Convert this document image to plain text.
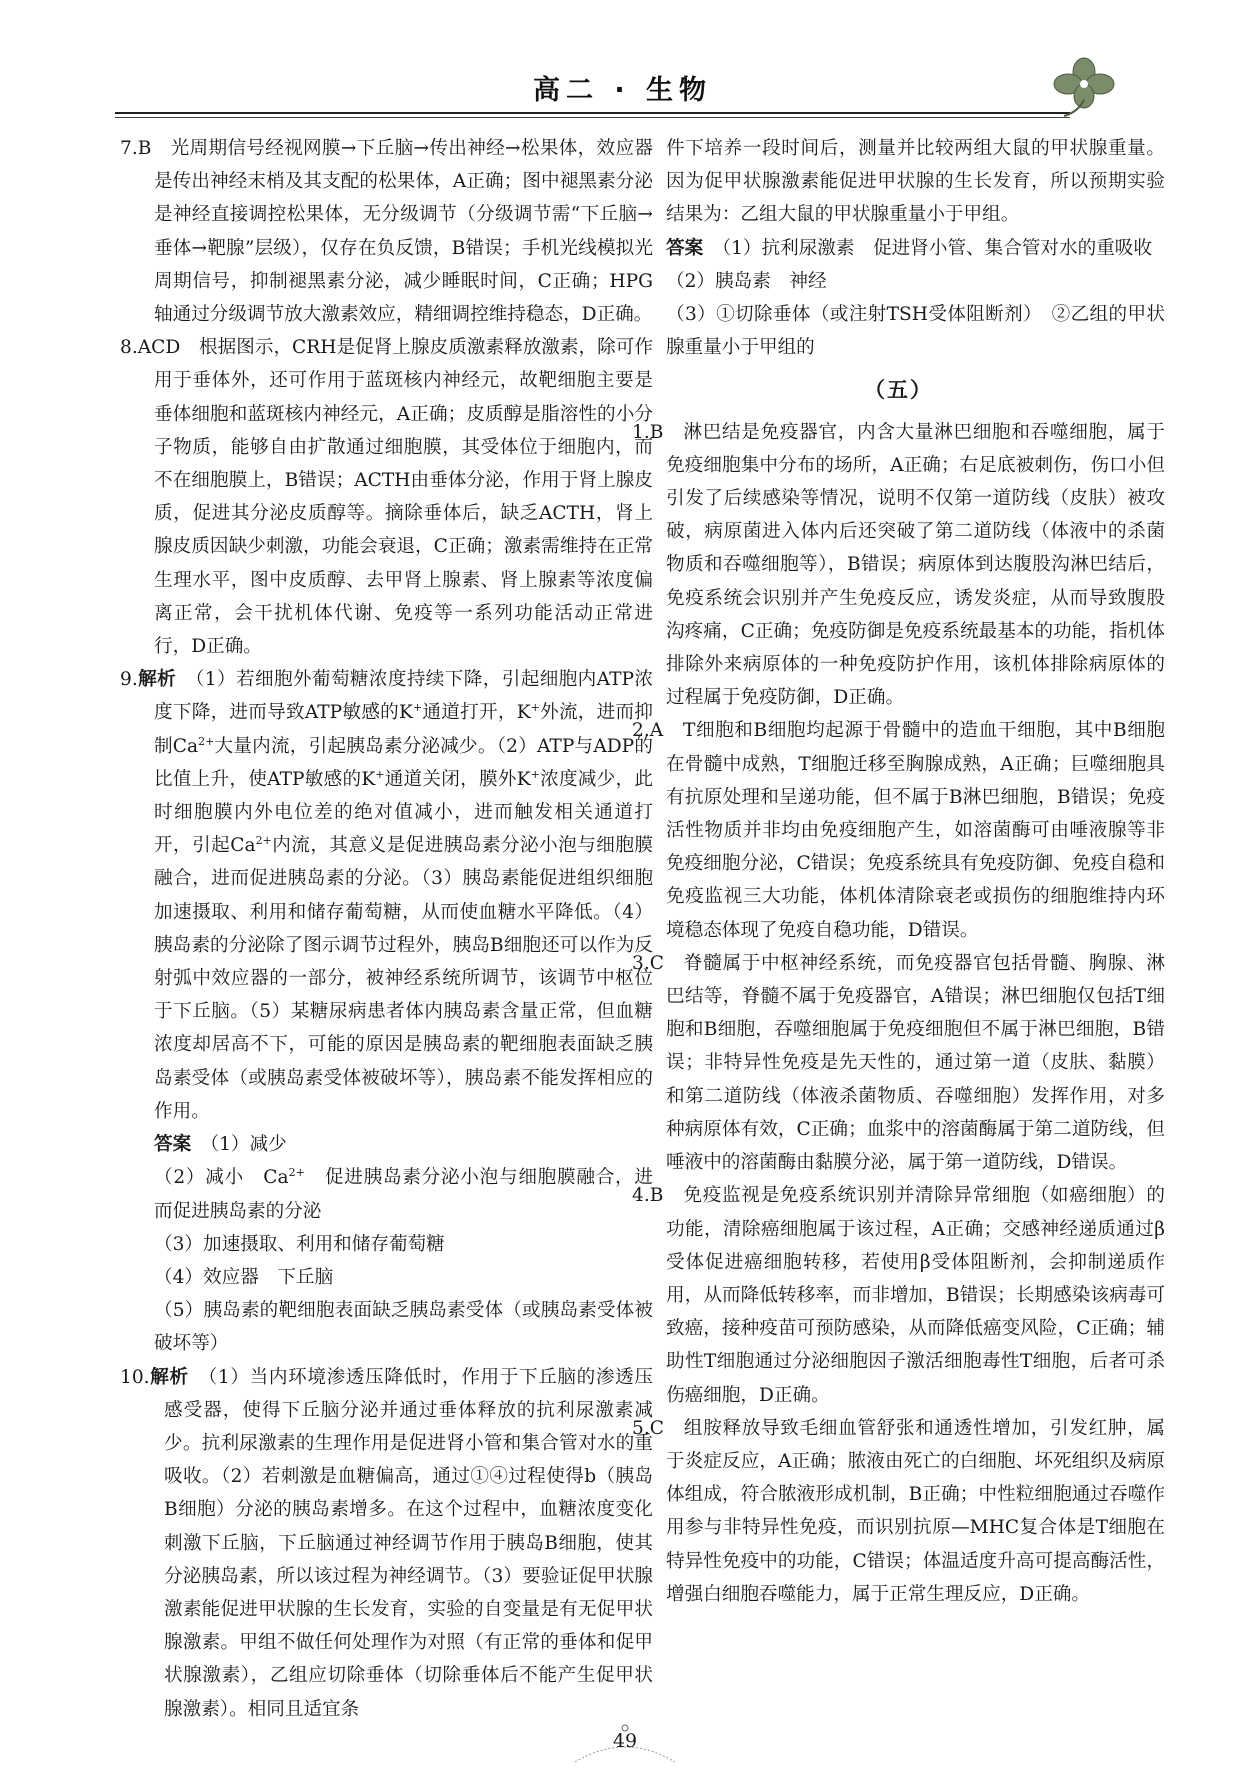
高二 · 生物

7.B　 光周期信号经视网膜→下丘脑→传出神经→松果体，效应器是传出神经末梢及其支配的松果体，A正确；图中褪黑素分泌是神经直接调控松果体，无分级调节（分级调节需“下丘脑→垂体→靶腺”层级），仅存在负反馈，B错误；手机光线模拟光周期信号，抑制褪黑素分泌，减少睡眠时间，C正确；HPG轴通过分级调节放大激素效应，精细调控维持稳态，D正确。

8.ACD　 根据图示，CRH是促肾上腺皮质激素释放激素，除可作用于垂体外，还可作用于蓝斑核内神经元，故靶细胞主要是垂体细胞和蓝斑核内神经元，A正确；皮质醇是脂溶性的小分子物质，能够自由扩散通过细胞膜，其受体位于细胞内，而不在细胞膜上，B错误；ACTH由垂体分泌，作用于肾上腺皮质，促进其分泌皮质醇等。摘除垂体后，缺乏ACTH，肾上腺皮质因缺少刺激，功能会衰退，C正确；激素需维持在正常生理水平，图中皮质醇、去甲肾上腺素、肾上腺素等浓度偏离正常，会干扰机体代谢、免疫等一系列功能活动正常进行，D正确。

9.解析　 （1）若细胞外葡萄糖浓度持续下降，引起细胞内ATP浓度下降，进而导致ATP敏感的K+通道打开，K+外流，进而抑制$Ca^{2+}$大量内流，引起胰岛素分泌减少。（2）ATP与ADP的比值上升，使ATP敏感的K+通道关闭，膜外K+浓度减少，此时细胞膜内外电位差的绝对值减小，进而触发相关通道打开，引起$Ca^{2+}$内流，其意义是促进胰岛素分泌小泡与细胞膜融合，进而促进胰岛素的分泌。（3）胰岛素能促进组织细胞加速摄取、利用和储存葡萄糖，从而使血糖水平降低。（4）胰岛素的分泌除了图示调节过程外，胰岛B细胞还可以作为反射弧中效应器的一部分，被神经系统所调节，该调节中枢位于下丘脑。（5）某糖尿病患者体内胰岛素含量正常，但血糖浓度却居高不下，可能的原因是胰岛素的靶细胞表面缺乏胰岛素受体（或胰岛素受体被破坏等），胰岛素不能发挥相应的作用。

答案　 （1）减少

（2）减小　$Ca^{2+}$　促进胰岛素分泌小泡与细胞膜融合，进而促进胰岛素的分泌

（3）加速摄取、利用和储存葡萄糖

（4）效应器　下丘脑

（5）胰岛素的靶细胞表面缺乏胰岛素受体（或胰岛素受体被破坏等）

10.解析　 （1）当内环境渗透压降低时，作用于下丘脑的渗透压感受器，使得下丘脑分泌并通过垂体释放的抗利尿激素减少。抗利尿激素的生理作用是促进肾小管和集合管对水的重吸收。（2）若刺激是血糖偏高，通过①④过程使得b（胰岛B细胞）分泌的胰岛素增多。在这个过程中，血糖浓度变化刺激下丘脑，下丘脑通过神经调节作用于胰岛B细胞，使其分泌胰岛素，所以该过程为神经调节。（3）要验证促甲状腺激素能促进甲状腺的生长发育，实验的自变量是有无促甲状腺激素。甲组不做任何处理作为对照（有正常的垂体和促甲状腺激素），乙组应切除垂体（切除垂体后不能产生促甲状腺激素）。相同且适宜条

件下培养一段时间后，测量并比较两组大鼠的甲状腺重量。因为促甲状腺激素能促进甲状腺的生长发育，所以预期实验结果为：乙组大鼠的甲状腺重量小于甲组。

答案　 （1）抗利尿激素　促进肾小管、集合管对水的重吸收

（2）胰岛素　神经

（3）①切除垂体（或注射TSH受体阻断剂）　②乙组的甲状腺重量小于甲组的

（五）

1.B　 淋巴结是免疫器官，内含大量淋巴细胞和吞噬细胞，属于免疫细胞集中分布的场所，A正确；右足底被刺伤，伤口小但引发了后续感染等情况，说明不仅第一道防线（皮肤）被攻破，病原菌进入体内后还突破了第二道防线（体液中的杀菌物质和吞噬细胞等），B错误；病原体到达腹股沟淋巴结后，免疫系统会识别并产生免疫反应，诱发炎症，从而导致腹股沟疼痛，C正确；免疫防御是免疫系统最基本的功能，指机体排除外来病原体的一种免疫防护作用，该机体排除病原体的过程属于免疫防御，D正确。

2.A　 T细胞和B细胞均起源于骨髓中的造血干细胞，其中B细胞在骨髓中成熟，T细胞迁移至胸腺成熟，A正确；巨噬细胞具有抗原处理和呈递功能，但不属于B淋巴细胞，B错误；免疫活性物质并非均由免疫细胞产生，如溶菌酶可由唾液腺等非免疫细胞分泌，C错误；免疫系统具有免疫防御、免疫自稳和免疫监视三大功能，体机体清除衰老或损伤的细胞维持内环境稳态体现了免疫自稳功能，D错误。

3.C　 脊髓属于中枢神经系统，而免疫器官包括骨髓、胸腺、淋巴结等，脊髓不属于免疫器官，A错误；淋巴细胞仅包括T细胞和B细胞，吞噬细胞属于免疫细胞但不属于淋巴细胞，B错误；非特异性免疫是先天性的，通过第一道（皮肤、黏膜）和第二道防线（体液杀菌物质、吞噬细胞）发挥作用，对多种病原体有效，C正确；血浆中的溶菌酶属于第二道防线，但唾液中的溶菌酶由黏膜分泌，属于第一道防线，D错误。

4.B　 免疫监视是免疫系统识别并清除异常细胞（如癌细胞）的功能，清除癌细胞属于该过程，A正确；交感神经递质通过β受体促进癌细胞转移，若使用β受体阻断剂，会抑制递质作用，从而降低转移率，而非增加，B错误；长期感染该病毒可致癌，接种疫苗可预防感染，从而降低癌变风险，C正确；辅助性T细胞通过分泌细胞因子激活细胞毒性T细胞，后者可杀伤癌细胞，D正确。

5.C　 组胺释放导致毛细血管舒张和通透性增加，引发红肿，属于炎症反应，A正确；脓液由死亡的白细胞、坏死组织及病原体组成，符合脓液形成机制，B正确；中性粒细胞通过吞噬作用参与非特异性免疫，而识别抗原—MHC复合体是T细胞在特异性免疫中的功能，C错误；体温适度升高可提高酶活性，增强白细胞吞噬能力，属于正常生理反应，D正确。

49
